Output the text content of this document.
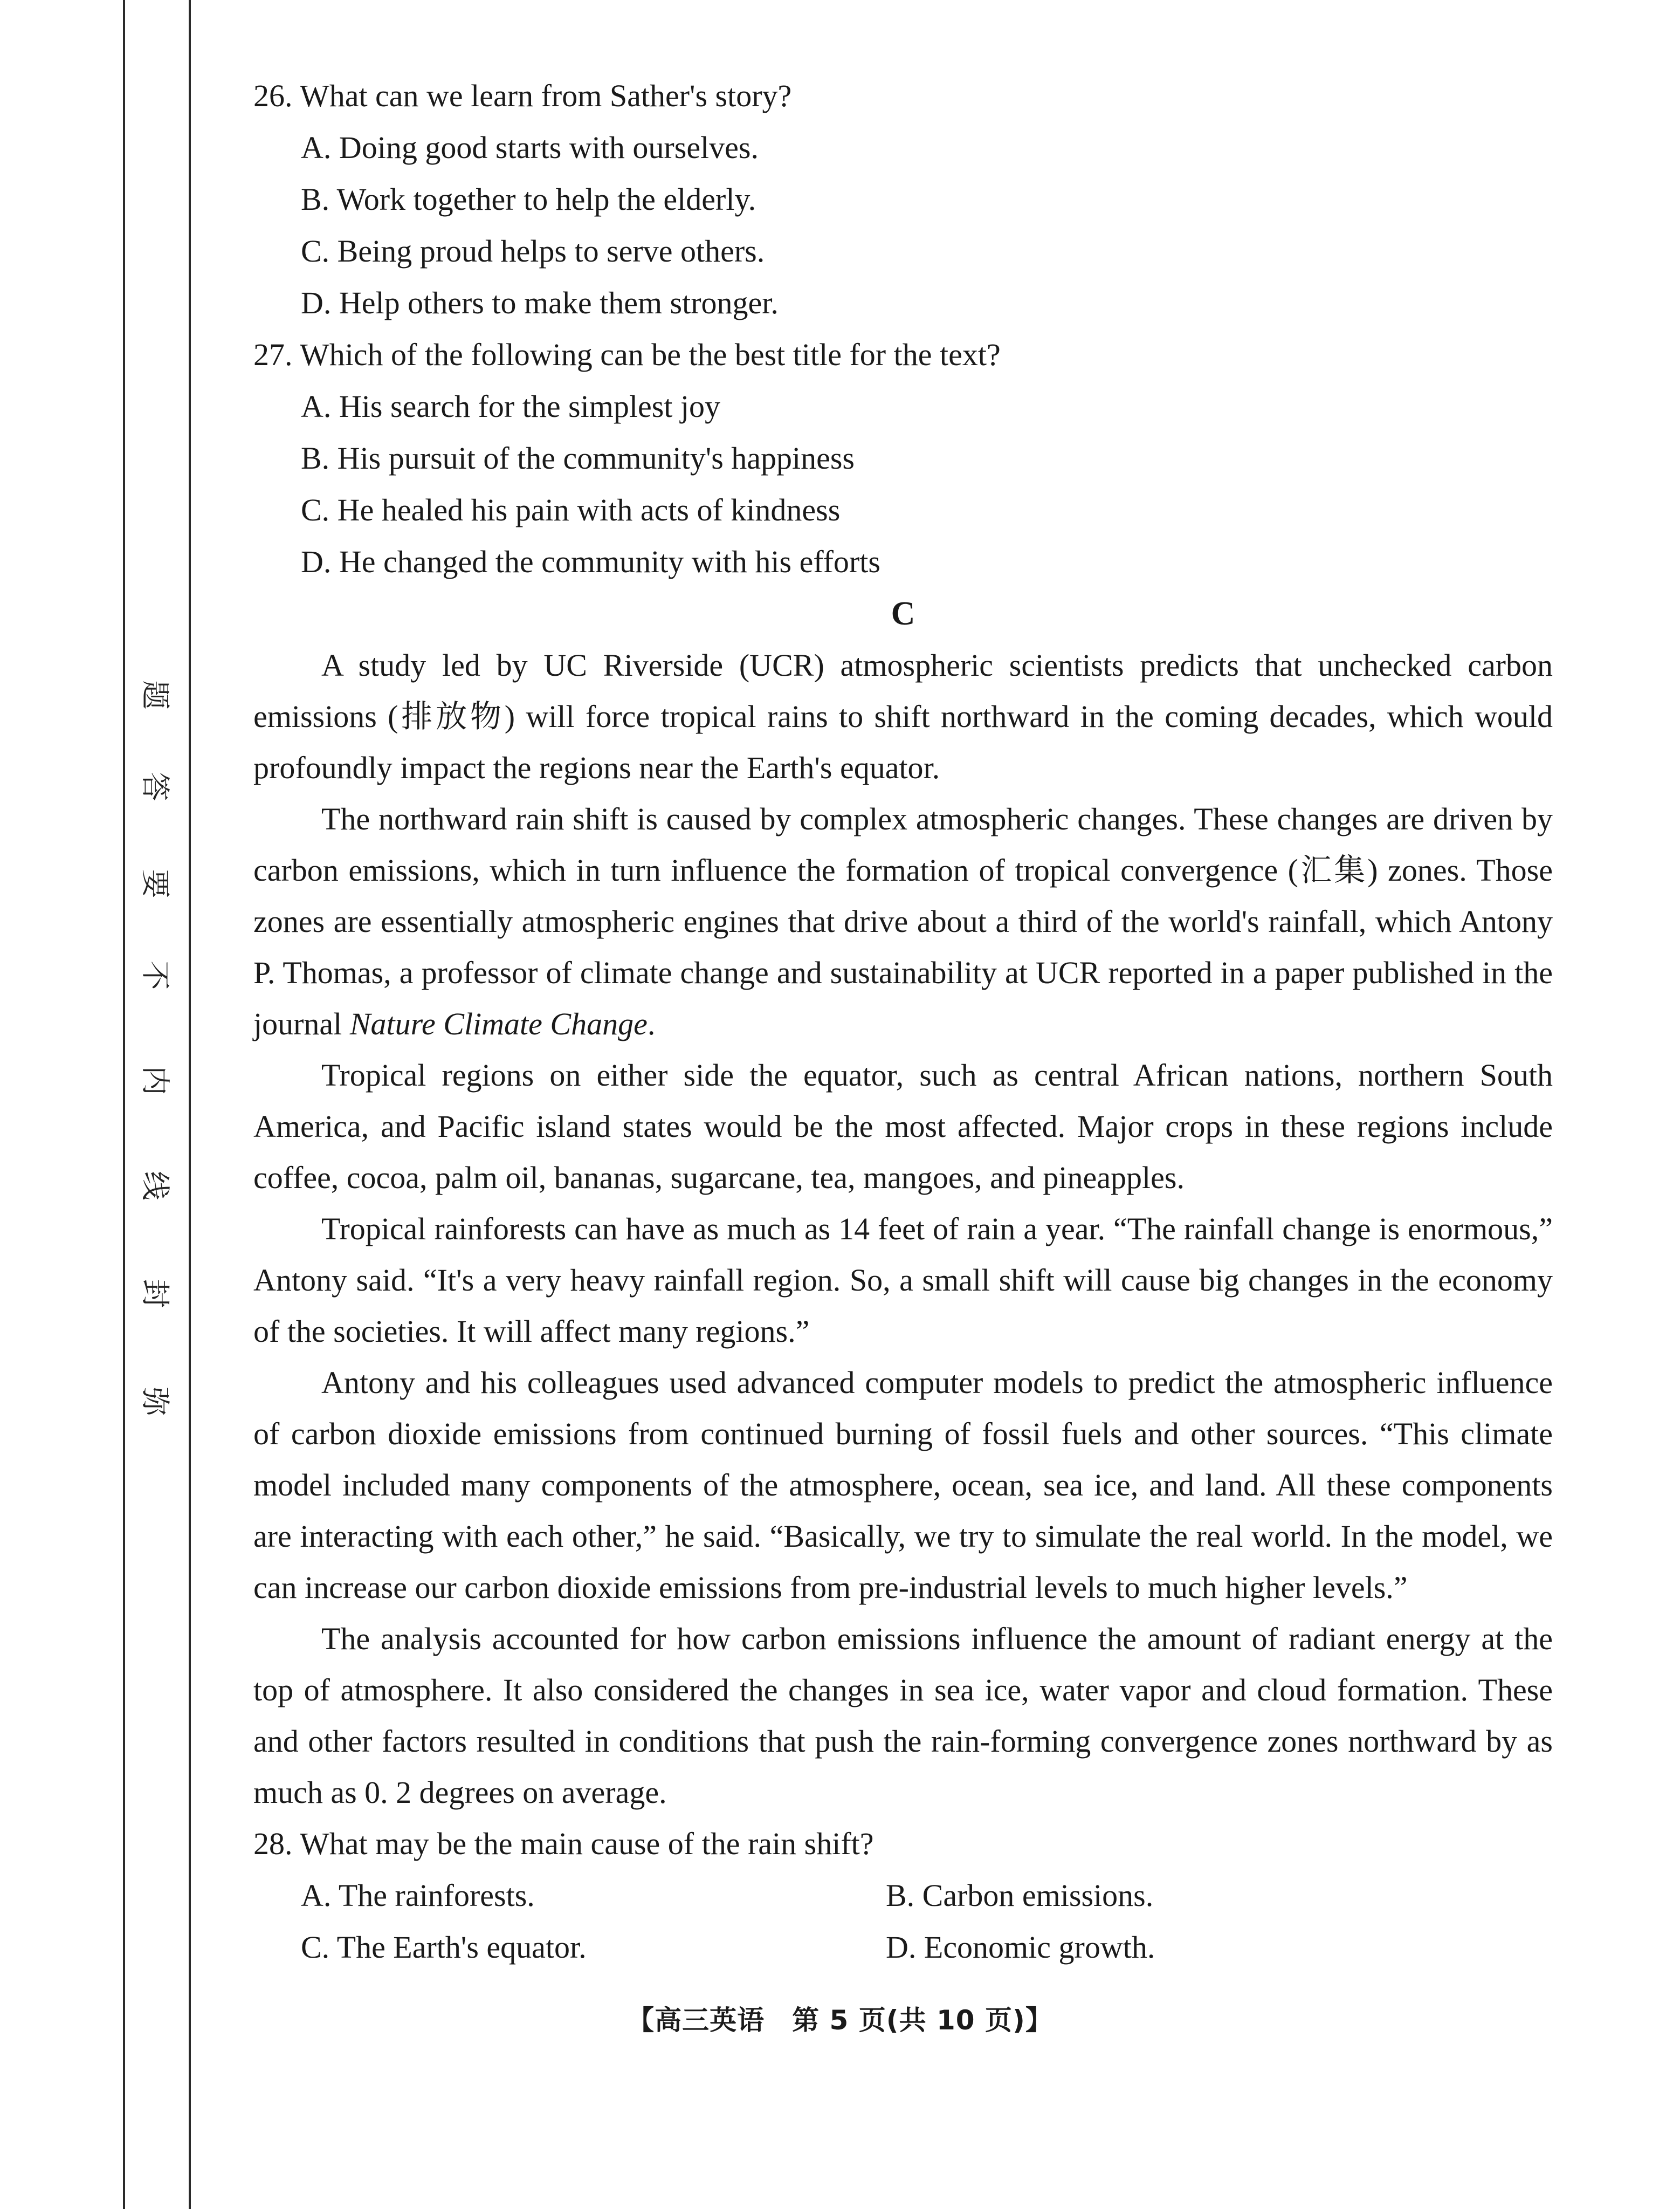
弥
封
线
内
不
要
答
题
26. What can we learn from Sather's story?
A. Doing good starts with ourselves.
B. Work together to help the elderly.
C. Being proud helps to serve others.
D. Help others to make them stronger.
27. Which of the following can be the best title for the text?
A. His search for the simplest joy
B. His pursuit of the community's happiness
C. He healed his pain with acts of kindness
D. He changed the community with his efforts
C

A study led by UC Riverside (UCR) atmospheric scientists predicts that unchecked carbon emissions (排放物) will force tropical rains to shift northward in the coming decades, which would profoundly impact the regions near the Earth's equator.

The northward rain shift is caused by complex atmospheric changes. These changes are driven by carbon emissions, which in turn influence the formation of tropical convergence (汇集) zones. Those zones are essentially atmospheric engines that drive about a third of the world's rainfall, which Antony P. Thomas, a professor of climate change and sustainability at UCR reported in a paper published in the journal Nature Climate Change.

Tropical regions on either side the equator, such as central African nations, northern South America, and Pacific island states would be the most affected. Major crops in these regions include coffee, cocoa, palm oil, bananas, sugarcane, tea, mangoes, and pineapples.

Tropical rainforests can have as much as 14 feet of rain a year. “The rainfall change is enormous,” Antony said. “It's a very heavy rainfall region. So, a small shift will cause big changes in the economy of the societies. It will affect many regions.”

Antony and his colleagues used advanced computer models to predict the atmospheric influence of carbon dioxide emissions from continued burning of fossil fuels and other sources. “This climate model included many components of the atmosphere, ocean, sea ice, and land. All these components are interacting with each other,” he said. “Basically, we try to simulate the real world. In the model, we can increase our carbon dioxide emissions from pre-industrial levels to much higher levels.”

The analysis accounted for how carbon emissions influence the amount of radiant energy at the top of atmosphere. It also considered the changes in sea ice, water vapor and cloud formation. These and other factors resulted in conditions that push the rain-forming convergence zones northward by as much as 0. 2 degrees on average.

28. What may be the main cause of the rain shift?
A. The rainforests.	B. Carbon emissions.
C. The Earth's equator.	D. Economic growth.
【高三英语　第 5 页(共 10 页)】
